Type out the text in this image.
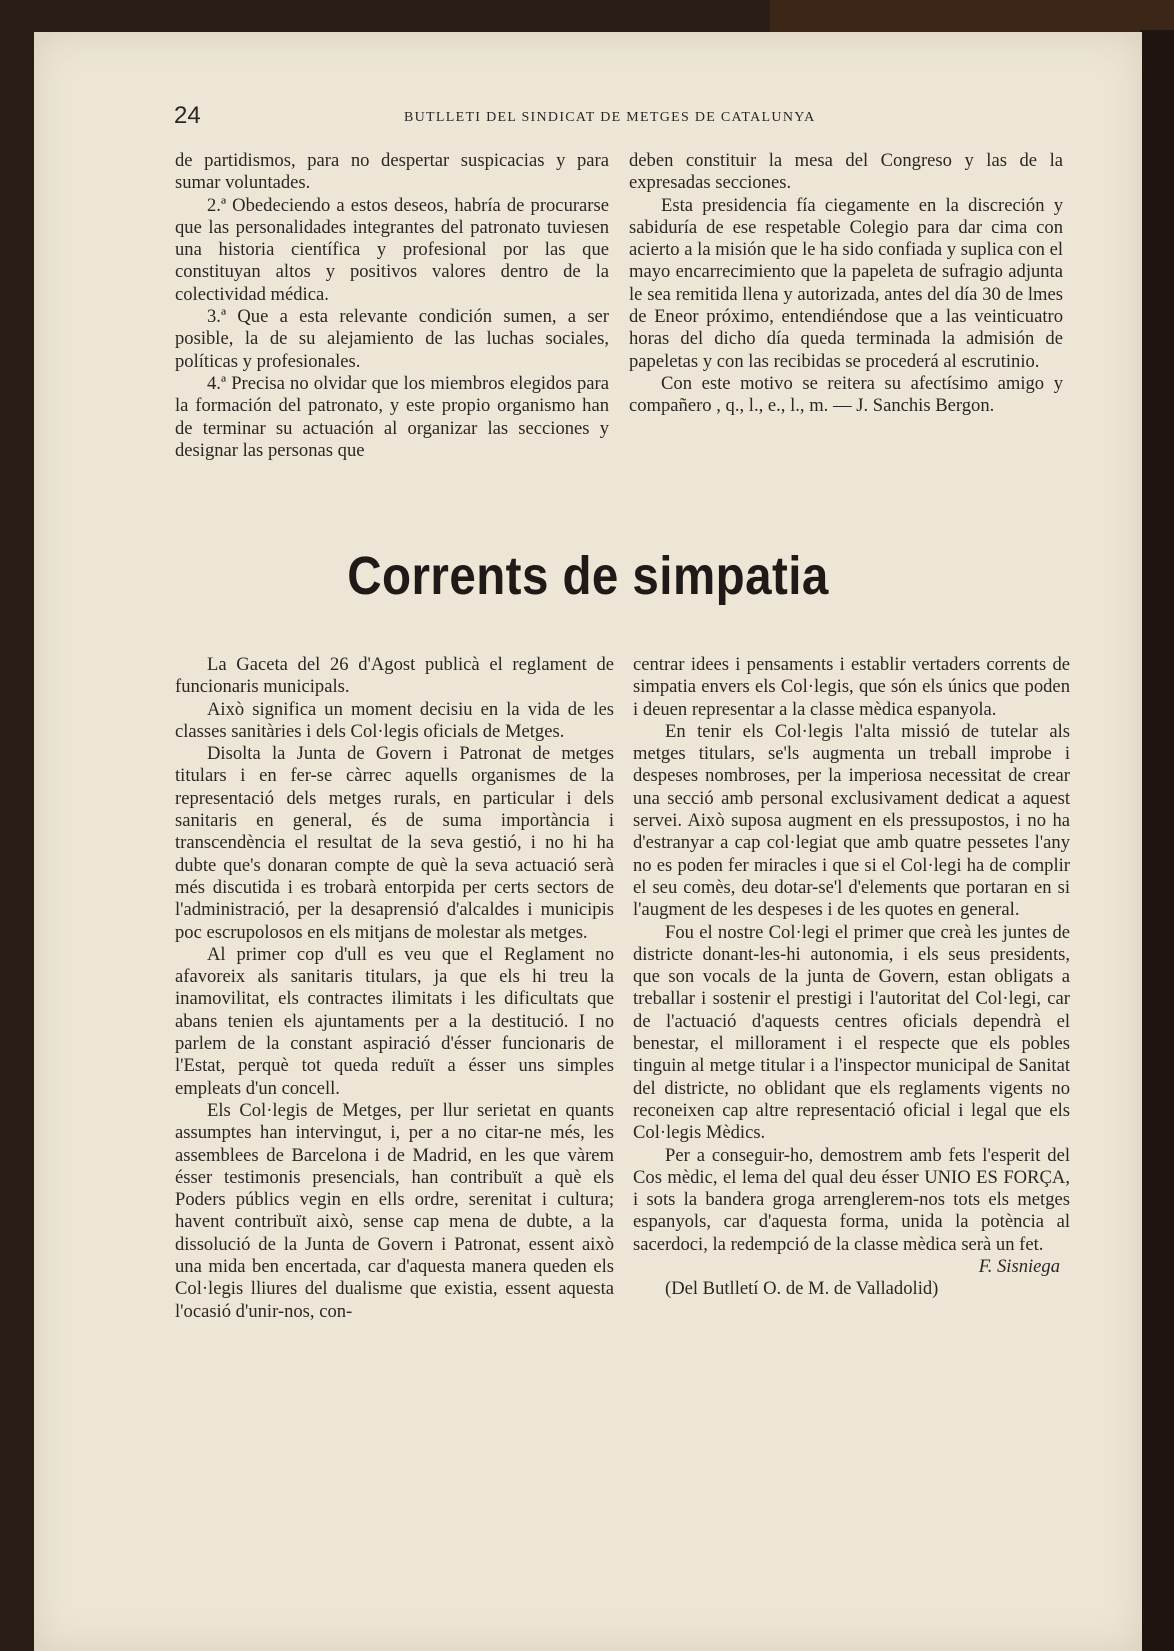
24	BUTLLETI DEL SINDICAT DE METGES DE CATALUNYA

de partidismos, para no despertar suspicacias y para sumar voluntades.

2.ª Obedeciendo a estos deseos, habría de procurarse que las personalidades integrantes del patronato tuviesen una historia científica y profesional por las que constituyan altos y positivos valores dentro de la colectividad médica.

3.ª Que a esta relevante condición sumen, a ser posible, la de su alejamiento de las luchas sociales, políticas y profesionales.

4.ª Precisa no olvidar que los miembros elegidos para la formación del patronato, y este propio organismo han de terminar su actuación al organizar las secciones y designar las personas que

deben constituir la mesa del Congreso y las de la expresadas secciones.

Esta presidencia fía ciegamente en la discreción y sabiduría de ese respetable Colegio para dar cima con acierto a la misión que le ha sido confiada y suplica con el mayo encarrecimiento que la papeleta de sufragio adjunta le sea remitida llena y autorizada, antes del día 30 de lmes de Eneor próximo, entendiéndose que a las veinticuatro horas del dicho día queda terminada la admisión de papeletas y con las recibidas se procederá al escrutinio.

Con este motivo se reitera su afectísimo amigo y compañero , q., l., e., l., m. — J. Sanchis Bergon.

Corrents de simpatia

La Gaceta del 26 d'Agost publicà el reglament de funcionaris municipals.

Això significa un moment decisiu en la vida de les classes sanitàries i dels Col·legis oficials de Metges.

Disolta la Junta de Govern i Patronat de metges titulars i en fer-se càrrec aquells organismes de la representació dels metges rurals, en particular i dels sanitaris en general, és de suma importància i transcendència el resultat de la seva gestió, i no hi ha dubte que's donaran compte de què la seva actuació serà més discutida i es trobarà entorpida per certs sectors de l'administració, per la desaprensió d'alcaldes i municipis poc escrupolosos en els mitjans de molestar als metges.

Al primer cop d'ull es veu que el Reglament no afavoreix als sanitaris titulars, ja que els hi treu la inamovilitat, els contractes ilimitats i les dificultats que abans tenien els ajuntaments per a la destitució. I no parlem de la constant aspiració d'ésser funcionaris de l'Estat, perquè tot queda reduït a ésser uns simples empleats d'un concell.

Els Col·legis de Metges, per llur serietat en quants assumptes han intervingut, i, per a no citar-ne més, les assemblees de Barcelona i de Madrid, en les que vàrem ésser testimonis presencials, han contribuït a què els Poders públics vegin en ells ordre, serenitat i cultura; havent contribuït això, sense cap mena de dubte, a la dissolució de la Junta de Govern i Patronat, essent això una mida ben encertada, car d'aquesta manera queden els Col·legis lliures del dualisme que existia, essent aquesta l'ocasió d'unir-nos, con-

centrar idees i pensaments i establir vertaders corrents de simpatia envers els Col·legis, que són els únics que poden i deuen representar a la classe mèdica espanyola.

En tenir els Col·legis l'alta missió de tutelar als metges titulars, se'ls augmenta un treball improbe i despeses nombroses, per la imperiosa necessitat de crear una secció amb personal exclusivament dedicat a aquest servei. Això suposa augment en els pressupostos, i no ha d'estranyar a cap col·legiat que amb quatre pessetes l'any no es poden fer miracles i que si el Col·legi ha de complir el seu comès, deu dotar-se'l d'elements que portaran en si l'augment de les despeses i de les quotes en general.

Fou el nostre Col·legi el primer que creà les juntes de districte donant-les-hi autonomia, i els seus presidents, que son vocals de la junta de Govern, estan obligats a treballar i sostenir el prestigi i l'autoritat del Col·legi, car de l'actuació d'aquests centres oficials dependrà el benestar, el millorament i el respecte que els pobles tinguin al metge titular i a l'inspector municipal de Sanitat del districte, no oblidant que els reglaments vigents no reconeixen cap altre representació oficial i legal que els Col·legis Mèdics.

Per a conseguir-ho, demostrem amb fets l'esperit del Cos mèdic, el lema del qual deu ésser UNIO ES FORÇA, i sots la bandera groga arrenglerem-nos tots els metges espanyols, car d'aquesta forma, unida la potència al sacerdoci, la redempció de la classe mèdica serà un fet.

F. Sisniega

(Del Butlletí O. de M. de Valladolid)
